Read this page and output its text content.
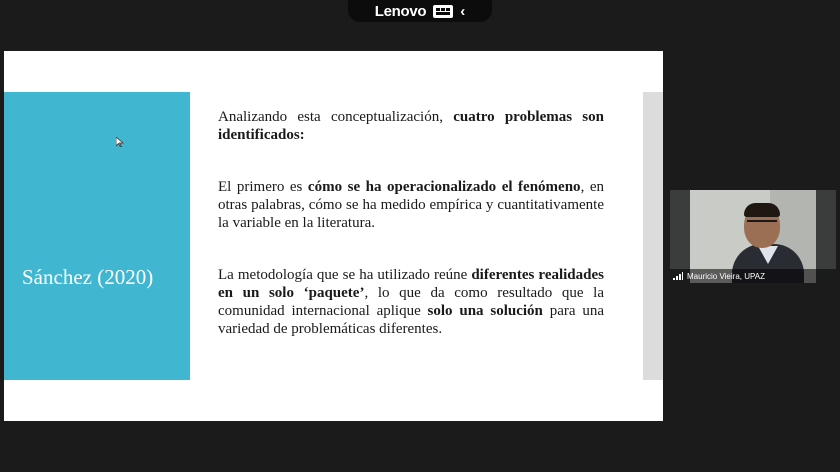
Lenovo ‹
Sánchez (2020)

Analizando esta conceptualización, cuatro problemas son identificados:

El primero es cómo se ha operacionalizado el fenómeno, en otras palabras, cómo se ha medido empírica y cuantitativamente la variable en la literatura.

La metodología que se ha utilizado reúne diferentes realidades en un solo ‘paquete’, lo que da como resultado que la comunidad internacional aplique solo una solución para una variedad de problemáticas diferentes.

Mauricio Vieira, UPAZ
